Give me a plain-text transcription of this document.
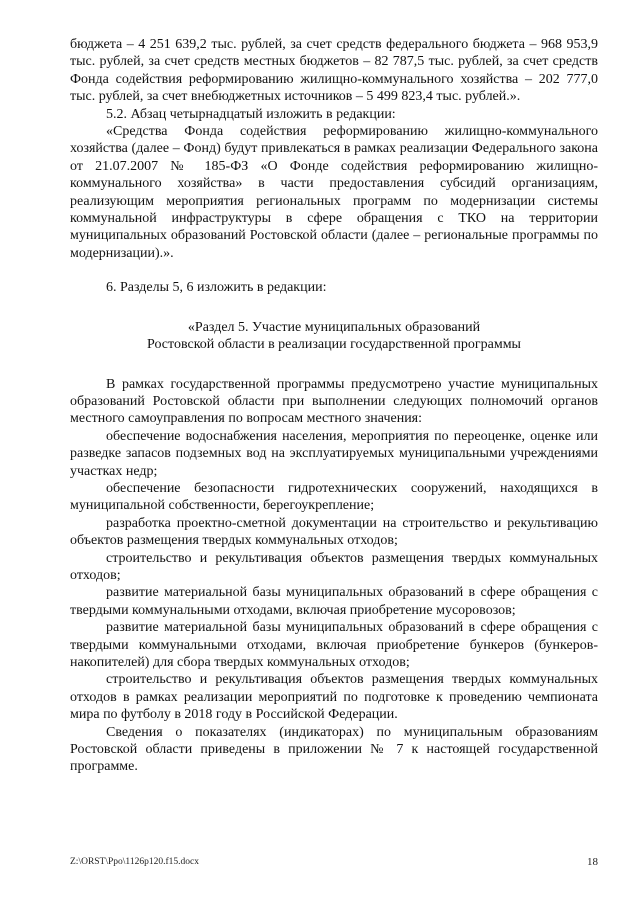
бюджета – 4 251 639,2 тыс. рублей, за счет средств федерального бюджета – 968 953,9 тыс. рублей, за счет средств местных бюджетов – 82 787,5 тыс. рублей, за счет средств Фонда содействия реформированию жилищно-коммунального хозяйства – 202 777,0 тыс. рублей, за счет внебюджетных источников – 5 499 823,4 тыс. рублей.».

5.2. Абзац четырнадцатый изложить в редакции:

«Средства Фонда содействия реформированию жилищно-коммунального хозяйства (далее – Фонд) будут привлекаться в рамках реализации Федерального закона от 21.07.2007 № 185-ФЗ «О Фонде содействия реформированию жилищно-коммунального хозяйства» в части предоставления субсидий организациям, реализующим мероприятия региональных программ по модернизации системы коммунальной инфраструктуры в сфере обращения с ТКО на территории муниципальных образований Ростовской области (далее – региональные программы по модернизации).».

6. Разделы 5, 6 изложить в редакции:

«Раздел 5. Участие муниципальных образований
Ростовской области в реализации государственной программы

В рамках государственной программы предусмотрено участие муниципальных образований Ростовской области при выполнении следующих полномочий органов местного самоуправления по вопросам местного значения:

обеспечение водоснабжения населения, мероприятия по переоценке, оценке или разведке запасов подземных вод на эксплуатируемых муниципальными учреждениями участках недр;

обеспечение безопасности гидротехнических сооружений, находящихся в муниципальной собственности, берегоукрепление;

разработка проектно-сметной документации на строительство и рекультивацию объектов размещения твердых коммунальных отходов;

строительство и рекультивация объектов размещения твердых коммунальных отходов;

развитие материальной базы муниципальных образований в сфере обращения с твердыми коммунальными отходами, включая приобретение мусоровозов;

развитие материальной базы муниципальных образований в сфере обращения с твердыми коммунальными отходами, включая приобретение бункеров (бункеров-накопителей) для сбора твердых коммунальных отходов;

строительство и рекультивация объектов размещения твердых коммунальных отходов в рамках реализации мероприятий по подготовке к проведению чемпионата мира по футболу в 2018 году в Российской Федерации.

Сведения о показателях (индикаторах) по муниципальным образованиям Ростовской области приведены в приложении № 7 к настоящей государственной программе.

Z:\ORST\Ppo\1126p120.f15.docx	18
